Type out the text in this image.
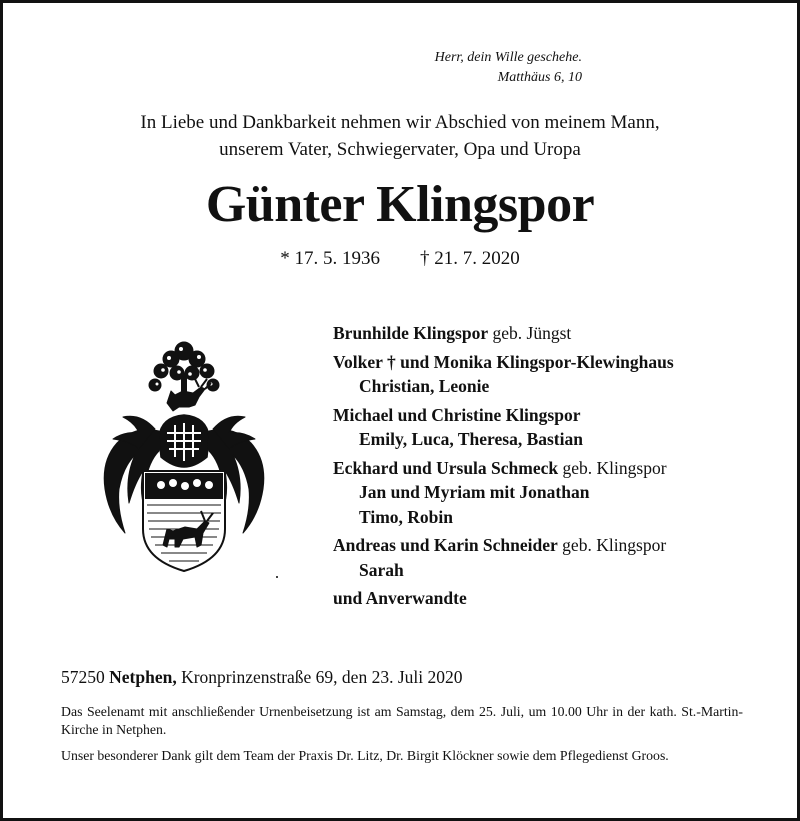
Herr, dein Wille geschehe.
Matthäus 6, 10
In Liebe und Dankbarkeit nehmen wir Abschied von meinem Mann,
unserem Vater, Schwiegervater, Opa und Uropa
Günter Klingspor
* 17. 5. 1936 † 21. 7. 2020
Brunhilde Klingspor geb. Jüngst
Volker † und Monika Klingspor-Klewinghaus
Christian, Leonie
Michael und Christine Klingspor
Emily, Luca, Theresa, Bastian
Eckhard und Ursula Schmeck geb. Klingspor
Jan und Myriam mit Jonathan
Timo, Robin
Andreas und Karin Schneider geb. Klingspor
Sarah
und Anverwandte
57250 Netphen, Kronprinzenstraße 69, den 23. Juli 2020
Das Seelenamt mit anschließender Urnenbeisetzung ist am Samstag, dem 25. Juli, um 10.00 Uhr in der kath. St.-Martin-Kirche in Netphen.
Unser besonderer Dank gilt dem Team der Praxis Dr. Litz, Dr. Birgit Klöckner sowie dem Pflegedienst Groos.
